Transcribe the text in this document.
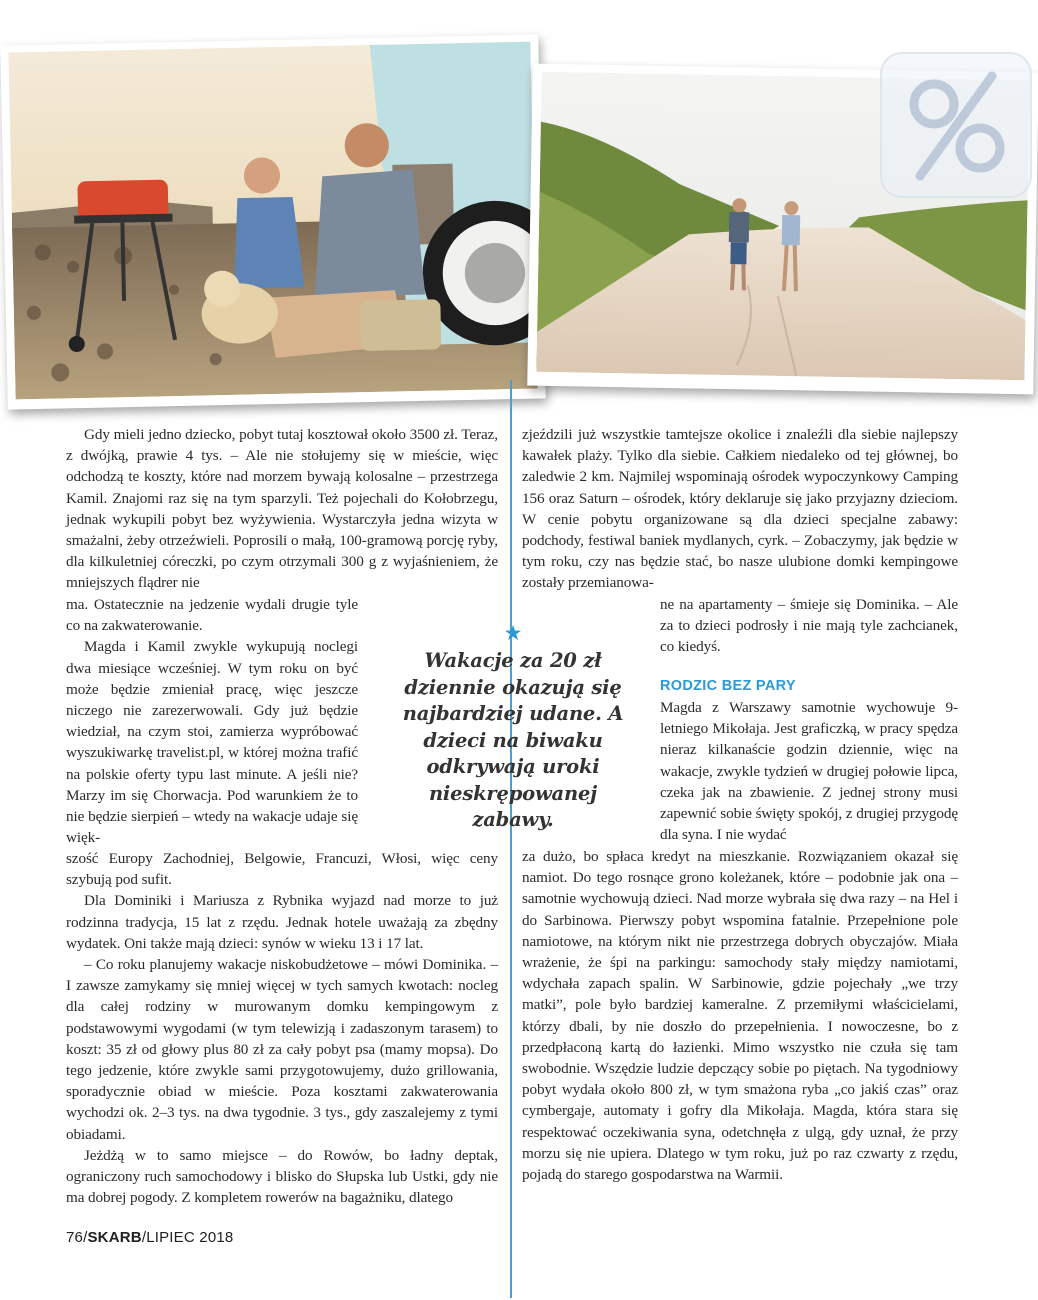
Gdy mieli jedno dziecko, pobyt tutaj kosztował około 3500 zł. Teraz, z dwójką, prawie 4 tys. – Ale nie stołujemy się w mieście, więc odchodzą te koszty, które nad morzem bywają kolosalne – przestrzega Kamil. Znajomi raz się na tym sparzyli. Też pojechali do Kołobrzegu, jednak wykupili pobyt bez wyżywienia. Wystarczyła jedna wizyta w smażalni, żeby otrzeźwieli. Poprosili o małą, 100-gramową porcję ryby, dla kilkuletniej córeczki, po czym otrzymali 300 g z wyjaśnieniem, że mniejszych flądrer nie

ma. Ostatecznie na jedzenie wydali drugie tyle co na zakwaterowanie.

Magda i Kamil zwykle wykupują noclegi dwa miesiące wcześniej. W tym roku on być może będzie zmieniał pracę, więc jeszcze niczego nie zarezerwowali. Gdy już będzie wiedział, na czym stoi, zamierza wypróbować wyszukiwarkę travelist.pl, w której można trafić na polskie oferty typu last minute. A jeśli nie? Marzy im się Chorwacja. Pod warunkiem że to nie będzie sierpień – wtedy na wakacje udaje się więk-

szość Europy Zachodniej, Belgowie, Francuzi, Włosi, więc ceny szybują pod sufit.

Dla Dominiki i Mariusza z Rybnika wyjazd nad morze to już rodzinna tradycja, 15 lat z rzędu. Jednak hotele uważają za zbędny wydatek. Oni także mają dzieci: synów w wieku 13 i 17 lat.

– Co roku planujemy wakacje niskobudżetowe – mówi Dominika. – I zawsze zamykamy się mniej więcej w tych samych kwotach: nocleg dla całej rodziny w murowanym domku kempingowym z podstawowymi wygodami (w tym telewizją i zadaszonym tarasem) to koszt: 35 zł od głowy plus 80 zł za cały pobyt psa (mamy mopsa). Do tego jedzenie, które zwykle sami przygotowujemy, dużo grillowania, sporadycznie obiad w mieście. Poza kosztami zakwaterowania wychodzi ok. 2–3 tys. na dwa tygodnie. 3 tys., gdy zaszalejemy z tymi obiadami.

Jeżdżą w to samo miejsce – do Rowów, bo ładny deptak, ograniczony ruch samochodowy i blisko do Słupska lub Ustki, gdy nie ma dobrej pogody. Z kompletem rowerów na bagażniku, dlatego

★
Wakacje za 20 zł dziennie okazują się najbardziej udane. A dzieci na biwaku odkrywają uroki nieskrępowanej zabawy.

zjeździli już wszystkie tamtejsze okolice i znaleźli dla siebie najlepszy kawałek plaży. Tylko dla siebie. Całkiem niedaleko od tej głównej, bo zaledwie 2 km. Najmilej wspominają ośrodek wypoczynkowy Camping 156 oraz Saturn – ośrodek, który deklaruje się jako przyjazny dzieciom. W cenie pobytu organizowane są dla dzieci specjalne zabawy: podchody, festiwal baniek mydlanych, cyrk. – Zobaczymy, jak będzie w tym roku, czy nas będzie stać, bo nasze ulubione domki kempingowe zostały przemianowa-

ne na apartamenty – śmieje się Dominika. – Ale za to dzieci podrosły i nie mają tyle zachcianek, co kiedyś.

RODZIC BEZ PARY

Magda z Warszawy samotnie wychowuje 9-letniego Mikołaja. Jest graficzką, w pracy spędza nieraz kilkanaście godzin dziennie, więc na wakacje, zwykle tydzień w drugiej połowie lipca, czeka jak na zbawienie. Z jednej strony musi zapewnić sobie święty spokój, z drugiej przygodę dla syna. I nie wydać

za dużo, bo spłaca kredyt na mieszkanie. Rozwiązaniem okazał się namiot. Do tego rosnące grono koleżanek, które – podobnie jak ona – samotnie wychowują dzieci. Nad morze wybrała się dwa razy – na Hel i do Sarbinowa. Pierwszy pobyt wspomina fatalnie. Przepełnione pole namiotowe, na którym nikt nie przestrzega dobrych obyczajów. Miała wrażenie, że śpi na parkingu: samochody stały między namiotami, wdychała zapach spalin. W Sarbinowie, gdzie pojechały „we trzy matki”, pole było bardziej kameralne. Z przemiłymi właścicielami, którzy dbali, by nie doszło do przepełnienia. I nowoczesne, bo z przedpłaconą kartą do łazienki. Mimo wszystko nie czuła się tam swobodnie. Wszędzie ludzie depczący sobie po piętach. Na tygodniowy pobyt wydała około 800 zł, w tym smażona ryba „co jakiś czas” oraz cymbergaje, automaty i gofry dla Mikołaja. Magda, która stara się respektować oczekiwania syna, odetchnęła z ulgą, gdy uznał, że przy morzu się nie upiera. Dlatego w tym roku, już po raz czwarty z rzędu, pojadą do starego gospodarstwa na Warmii.

76/SKARB/LIPIEC 2018
